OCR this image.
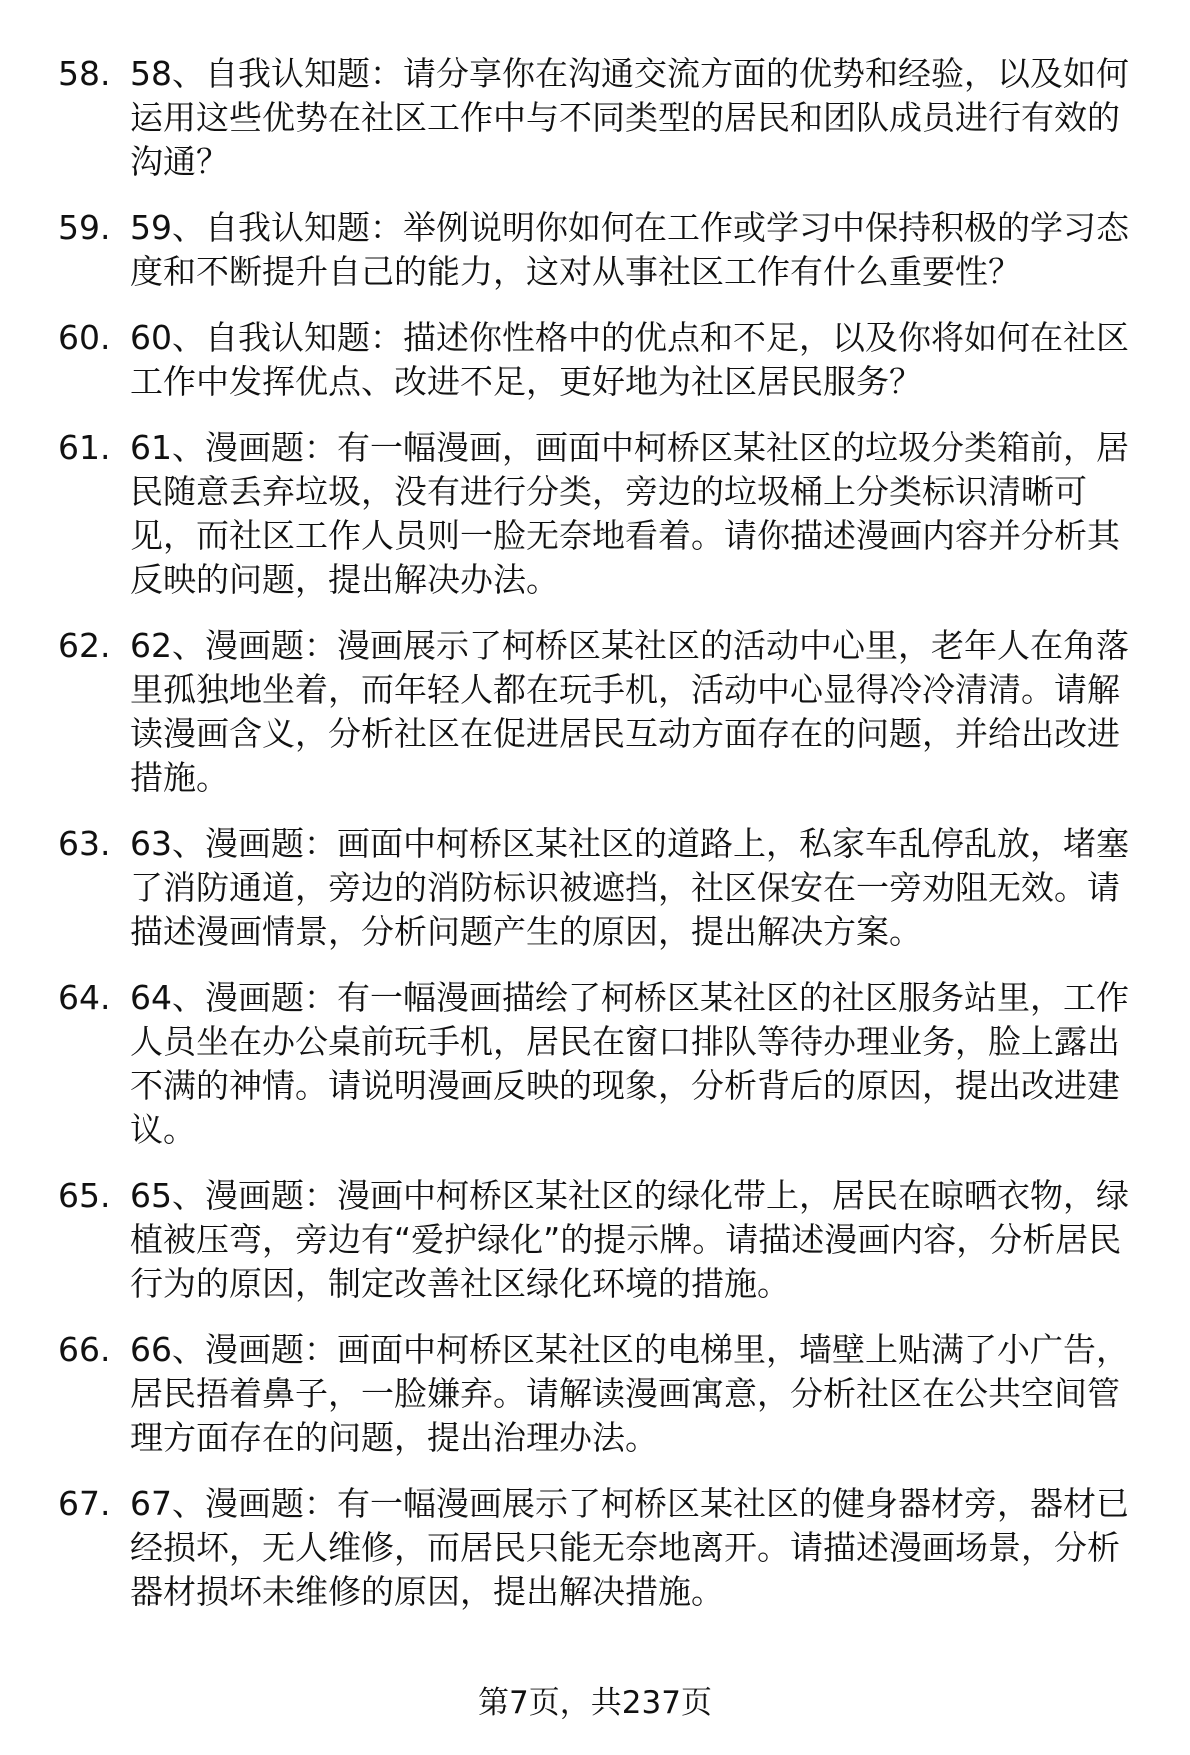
58. 58、自我认知题：请分享你在沟通交流方面的优势和经验，以及如何运用这些优势在社区工作中与不同类型的居民和团队成员进行有效的沟通？
59. 59、自我认知题：举例说明你如何在工作或学习中保持积极的学习态度和不断提升自己的能力，这对从事社区工作有什么重要性？
60. 60、自我认知题：描述你性格中的优点和不足，以及你将如何在社区工作中发挥优点、改进不足，更好地为社区居民服务？
61. 61、漫画题：有一幅漫画，画面中柯桥区某社区的垃圾分类箱前，居民随意丢弃垃圾，没有进行分类，旁边的垃圾桶上分类标识清晰可见，而社区工作人员则一脸无奈地看着。请你描述漫画内容并分析其反映的问题，提出解决办法。
62. 62、漫画题：漫画展示了柯桥区某社区的活动中心里，老年人在角落里孤独地坐着，而年轻人都在玩手机，活动中心显得冷冷清清。请解读漫画含义，分析社区在促进居民互动方面存在的问题，并给出改进措施。
63. 63、漫画题：画面中柯桥区某社区的道路上，私家车乱停乱放，堵塞了消防通道，旁边的消防标识被遮挡，社区保安在一旁劝阻无效。请描述漫画情景，分析问题产生的原因，提出解决方案。
64. 64、漫画题：有一幅漫画描绘了柯桥区某社区的社区服务站里，工作人员坐在办公桌前玩手机，居民在窗口排队等待办理业务，脸上露出不满的神情。请说明漫画反映的现象，分析背后的原因，提出改进建议。
65. 65、漫画题：漫画中柯桥区某社区的绿化带上，居民在晾晒衣物，绿植被压弯，旁边有“爱护绿化”的提示牌。请描述漫画内容，分析居民行为的原因，制定改善社区绿化环境的措施。
66. 66、漫画题：画面中柯桥区某社区的电梯里，墙壁上贴满了小广告，居民捂着鼻子，一脸嫌弃。请解读漫画寓意，分析社区在公共空间管理方面存在的问题，提出治理办法。
67. 67、漫画题：有一幅漫画展示了柯桥区某社区的健身器材旁，器材已经损坏，无人维修，而居民只能无奈地离开。请描述漫画场景，分析器材损坏未维修的原因，提出解决措施。
第7页，共237页
